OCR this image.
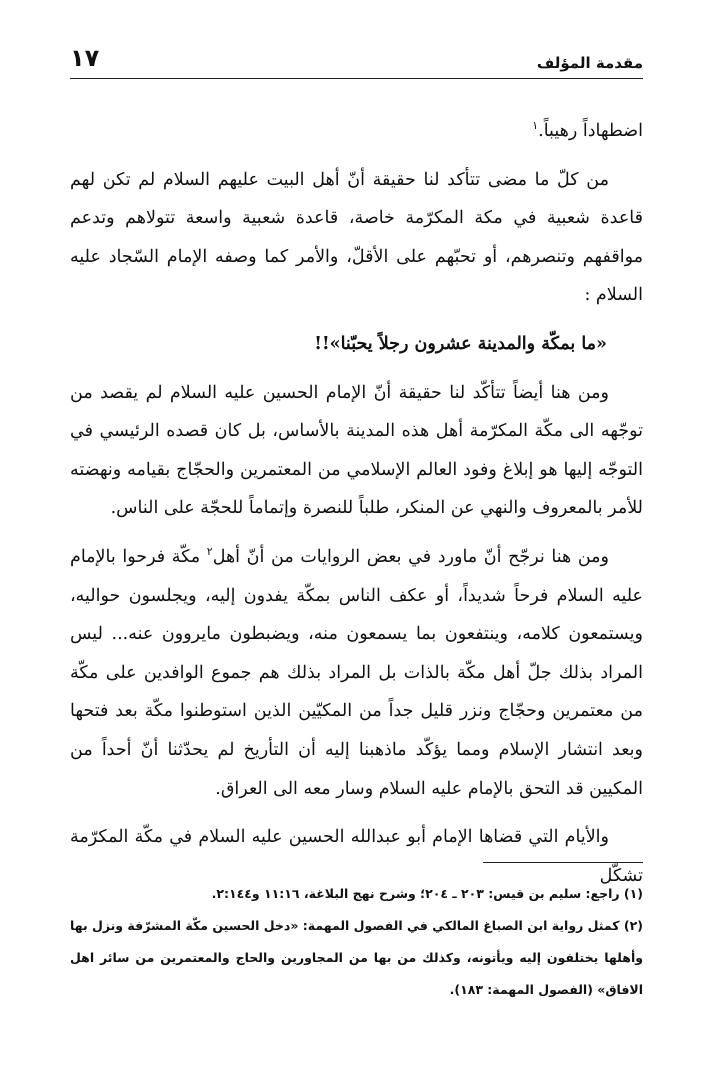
مقدمة المؤلف
١٧

اضطهاداً رهيباً.$^١$

من كلّ ما مضى تتأكد لنا حقيقة أنّ أهل البيت عليهم السلام لم تكن لهم قاعدة شعبية في مكة المكرّمة خاصة، قاعدة شعبية واسعة تتولاهم وتدعم مواقفهم وتنصرهم، أو تحبّهم على الأقلّ، والأمر كما وصفه الإمام السّجاد عليه السلام :

«ما بمكّة والمدينة عشرون رجلاً يحبّنا»!!

ومن هنا أيضاً تتأكّد لنا حقيقة أنّ الإمام الحسين عليه السلام لم يقصد من توجّهه الى مكّة المكرّمة أهل هذه المدينة بالأساس، بل كان قصده الرئيسي في التوجّه إليها هو إبلاغ وفود العالم الإسلامي من المعتمرين والحجّاج بقيامه ونهضته للأمر بالمعروف والنهي عن المنكر، طلباً للنصرة وإتماماً للحجّة على الناس.

ومن هنا نرجّح أنّ ماورد في بعض الروايات من أنّ أهل$^٢$ مكّة فرحوا بالإمام عليه السلام فرحاً شديداً، أو عكف الناس بمكّة يفدون إليه، ويجلسون حواليه، ويستمعون كلامه، وينتفعون بما يسمعون منه، ويضبطون مايروون عنه... ليس المراد بذلك جلّ أهل مكّة بالذات بل المراد بذلك هم جموع الوافدين على مكّة من معتمرين وحجّاج ونزر قليل جداً من المكيّين الذين استوطنوا مكّة بعد فتحها وبعد انتشار الإسلام ومما يؤكّد ماذهبنا إليه أن التأريخ لم يحدّثنا أنّ أحداً من المكيين قد التحق بالإمام عليه السلام وسار معه الى العراق.

والأيام التي قضاها الإمام أبو عبدالله الحسين عليه السلام في مكّة المكرّمة تشكّل

(١) راجع: سليم بن قيس: ٢٠٣ ـ ٢٠٤؛ وشرح نهج البلاغة، ١١:١٦ و٢:١٤٤.

(٢) كمثل رواية ابن الصباغ المالكي في الفصول المهمة: «دخل الحسين مكّة المشرّفة ونزل بها وأهلها يختلفون إليه ويأتونه، وكذلك من بها من المجاورين والحاج والمعتمرين من سائر اهل الافاق» (الفصول المهمة: ١٨٣).
